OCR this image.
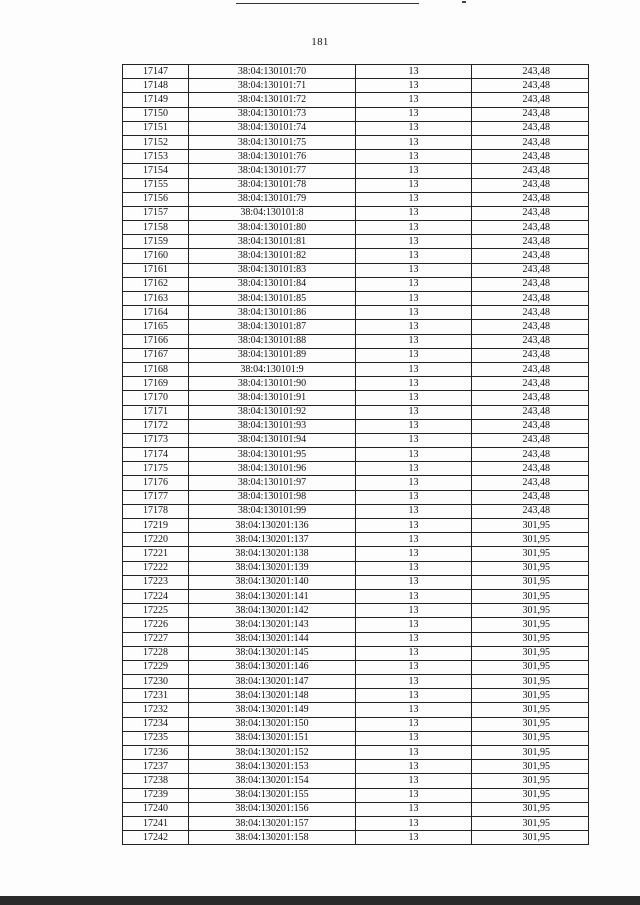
181
17147	38:04:130101:70	13	243,48
17148	38:04:130101:71	13	243,48
17149	38:04:130101:72	13	243,48
17150	38:04:130101:73	13	243,48
17151	38:04:130101:74	13	243,48
17152	38:04:130101:75	13	243,48
17153	38:04:130101:76	13	243,48
17154	38:04:130101:77	13	243,48
17155	38:04:130101:78	13	243,48
17156	38:04:130101:79	13	243,48
17157	38:04:130101:8	13	243,48
17158	38:04:130101:80	13	243,48
17159	38:04:130101:81	13	243,48
17160	38:04:130101:82	13	243,48
17161	38:04:130101:83	13	243,48
17162	38:04:130101:84	13	243,48
17163	38:04:130101:85	13	243,48
17164	38:04:130101:86	13	243,48
17165	38:04:130101:87	13	243,48
17166	38:04:130101:88	13	243,48
17167	38:04:130101:89	13	243,48
17168	38:04:130101:9	13	243,48
17169	38:04:130101:90	13	243,48
17170	38:04:130101:91	13	243,48
17171	38:04:130101:92	13	243,48
17172	38:04:130101:93	13	243,48
17173	38:04:130101:94	13	243,48
17174	38:04:130101:95	13	243,48
17175	38:04:130101:96	13	243,48
17176	38:04:130101:97	13	243,48
17177	38:04:130101:98	13	243,48
17178	38:04:130101:99	13	243,48
17219	38:04:130201:136	13	301,95
17220	38:04:130201:137	13	301,95
17221	38:04:130201:138	13	301,95
17222	38:04:130201:139	13	301,95
17223	38:04:130201:140	13	301,95
17224	38:04:130201:141	13	301,95
17225	38:04:130201:142	13	301,95
17226	38:04:130201:143	13	301,95
17227	38:04:130201:144	13	301,95
17228	38:04:130201:145	13	301,95
17229	38:04:130201:146	13	301,95
17230	38:04:130201:147	13	301,95
17231	38:04:130201:148	13	301,95
17232	38:04:130201:149	13	301,95
17234	38:04:130201:150	13	301,95
17235	38:04:130201:151	13	301,95
17236	38:04:130201:152	13	301,95
17237	38:04:130201:153	13	301,95
17238	38:04:130201:154	13	301,95
17239	38:04:130201:155	13	301,95
17240	38:04:130201:156	13	301,95
17241	38:04:130201:157	13	301,95
17242	38:04:130201:158	13	301,95
